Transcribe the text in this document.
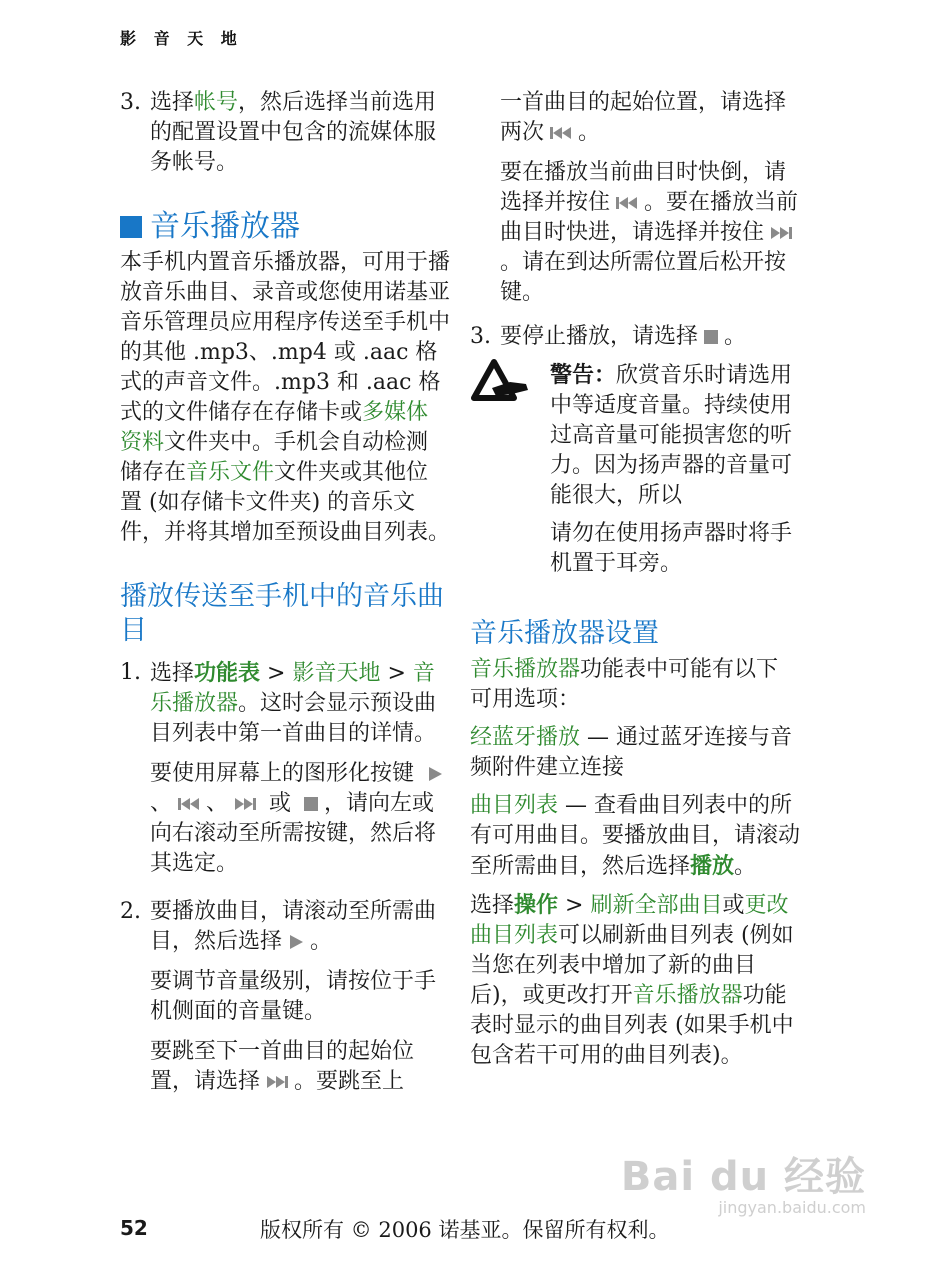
影 音 天 地
3. 选择帐号，然后选择当前选用的配置设置中包含的流媒体服务帐号。
音乐播放器

本手机内置音乐播放器，可用于播放音乐曲目、录音或您使用诺基亚音乐管理员应用程序传送至手机中的其他 .mp3、.mp4 或 .aac 格式的声音文件。.mp3 和 .aac 格式的文件储存在存储卡或多媒体资料文件夹中。手机会自动检测储存在音乐文件文件夹或其他位置 (如存储卡文件夹) 的音乐文件，并将其增加至预设曲目列表。

播放传送至手机中的音乐曲目
1. 选择功能表 > 影音天地 > 音乐播放器。这时会显示预设曲目列表中第一首曲目的详情。

要使用屏幕上的图形化按键
、 、 或 ，请向左或向右滚动至所需按键，然后将其选定。

2. 要播放曲目，请滚动至所需曲目，然后选择 。

要调节音量级别，请按位于手机侧面的音量键。

要跳至下一首曲目的起始位置，请选择 。要跳至上

一首曲目的起始位置，请选择两次 。

要在播放当前曲目时快倒，请选择并按住 。要在播放当前曲目时快进，请选择并按住
。请在到达所需位置后松开按键。

3. 要停止播放，请选择 。

警告：欣赏音乐时请选用中等适度音量。持续使用过高音量可能损害您的听力。因为扬声器的音量可能很大，所以

请勿在使用扬声器时将手机置于耳旁。

音乐播放器设置

音乐播放器功能表中可能有以下可用选项：

经蓝牙播放 — 通过蓝牙连接与音频附件建立连接

曲目列表 — 查看曲目列表中的所有可用曲目。要播放曲目，请滚动至所需曲目，然后选择播放。

选择操作 > 刷新全部曲目或更改曲目列表可以刷新曲目列表 (例如当您在列表中增加了新的曲目后)，或更改打开音乐播放器功能表时显示的曲目列表 (如果手机中包含若干可用的曲目列表)。

52	版权所有 © 2006 诺基亚。保留所有权利。
Bai du 经验
jingyan.baidu.com
